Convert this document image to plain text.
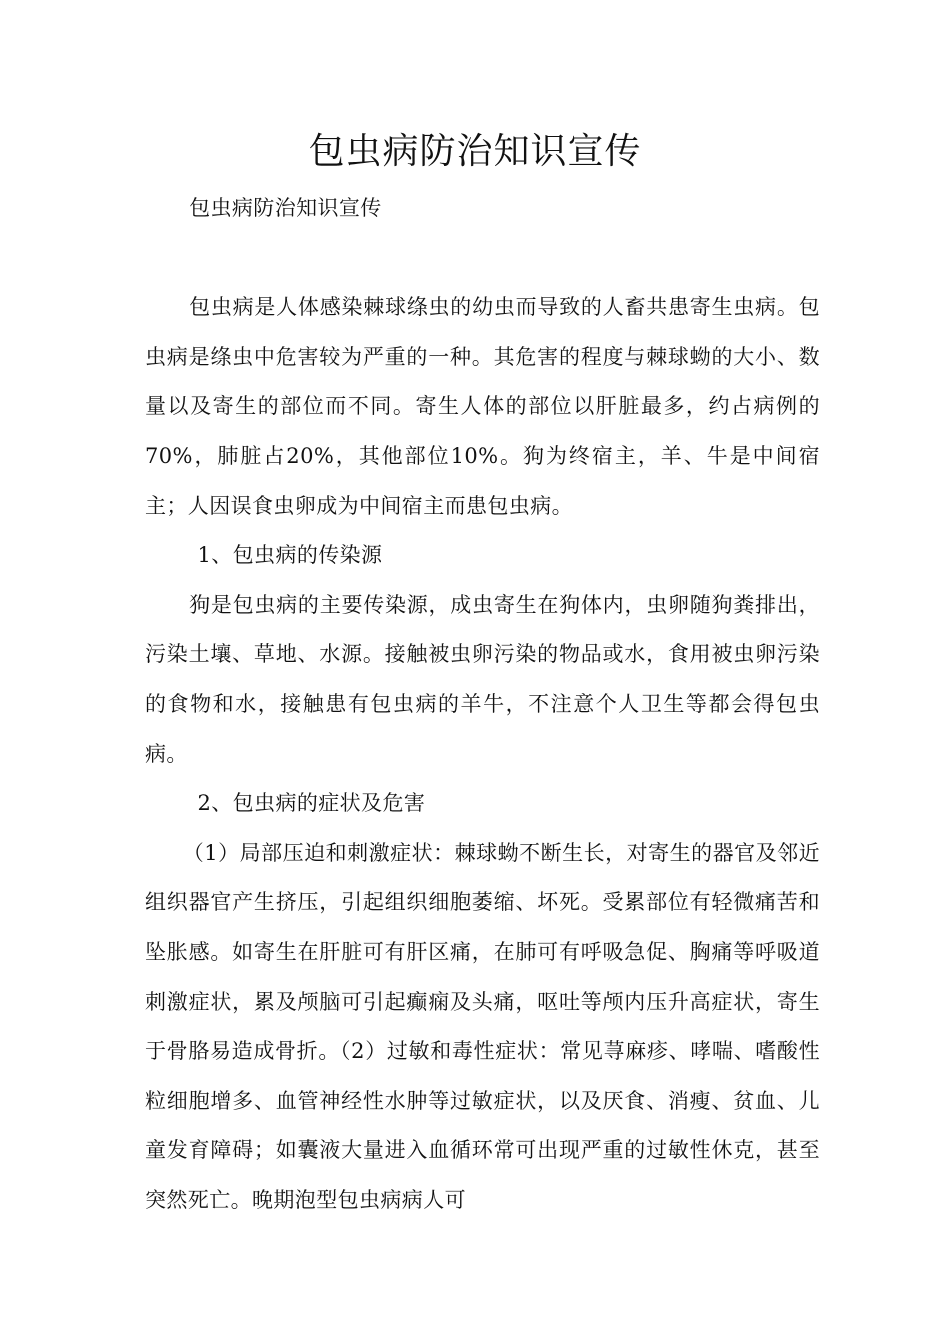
包虫病防治知识宣传

包虫病防治知识宣传

包虫病是人体感染棘球绦虫的幼虫而导致的人畜共患寄生虫病。包虫病是绦虫中危害较为严重的一种。其危害的程度与棘球蚴的大小、数量以及寄生的部位而不同。寄生人体的部位以肝脏最多，约占病例的70%，肺脏占20%，其他部位10%。狗为终宿主，羊、牛是中间宿主；人因误食虫卵成为中间宿主而患包虫病。

1、包虫病的传染源

狗是包虫病的主要传染源，成虫寄生在狗体内，虫卵随狗粪排出，污染土壤、草地、水源。接触被虫卵污染的物品或水，食用被虫卵污染的食物和水，接触患有包虫病的羊牛，不注意个人卫生等都会得包虫病。

2、包虫病的症状及危害

（1）局部压迫和刺激症状：棘球蚴不断生长，对寄生的器官及邻近组织器官产生挤压，引起组织细胞萎缩、坏死。受累部位有轻微痛苦和坠胀感。如寄生在肝脏可有肝区痛，在肺可有呼吸急促、胸痛等呼吸道刺激症状，累及颅脑可引起癫痫及头痛，呕吐等颅内压升高症状，寄生于骨胳易造成骨折。（2）过敏和毒性症状：常见荨麻疹、哮喘、嗜酸性粒细胞增多、血管神经性水肿等过敏症状，以及厌食、消瘦、贫血、儿童发育障碍；如囊液大量进入血循环常可出现严重的过敏性休克，甚至突然死亡。晚期泡型包虫病病人可
